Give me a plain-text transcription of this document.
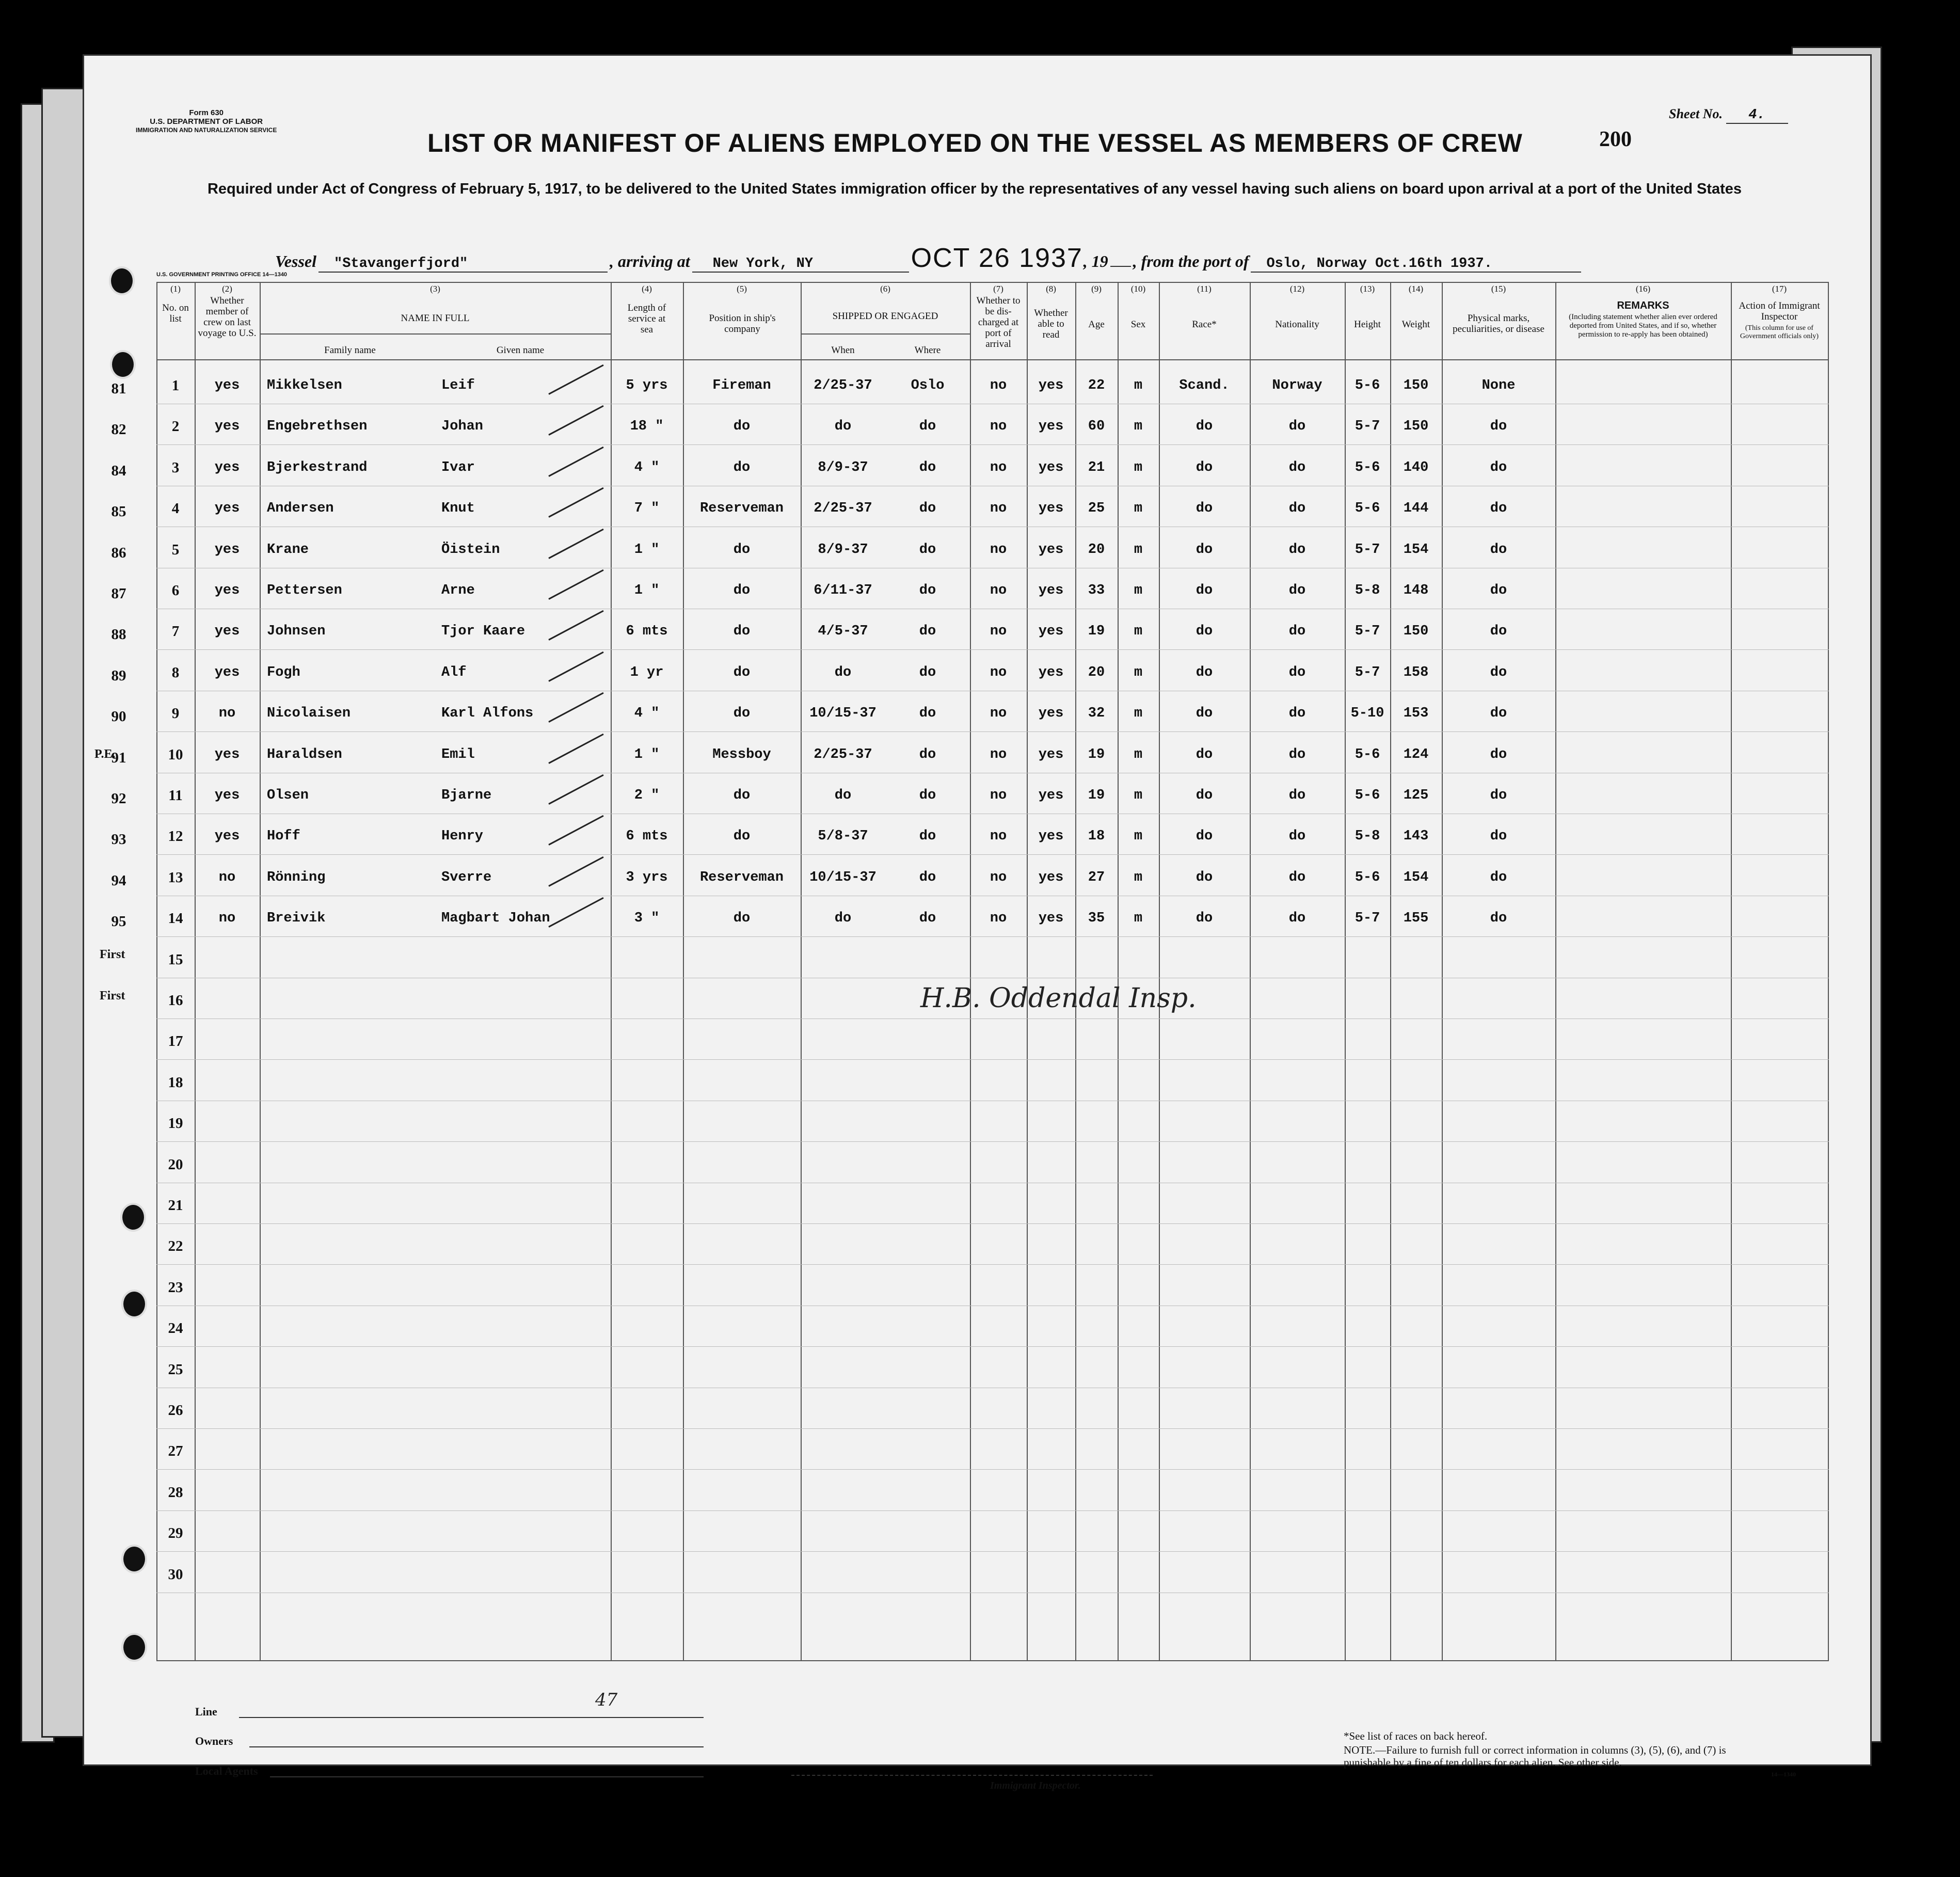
Form 630
U.S. DEPARTMENT OF LABOR
IMMIGRATION AND NATURALIZATION SERVICE
Sheet No. 4.
LIST OR MANIFEST OF ALIENS EMPLOYED ON THE VESSEL AS MEMBERS OF CREW	200
Required under Act of Congress of February 5, 1917, to be delivered to the United States immigration officer by the representatives of any vessel having such aliens on board upon arrival at a port of the United States
Vessel "Stavangerfjord"	, arriving at New York, NY	OCT 26 1937 , 19 , from the port of Oslo, Norway Oct.16th 1937.
U.S. GOVERNMENT PRINTING OFFICE 14—1340
(1)	(2)	(3)	(4)	(5)	(6)	(7)	(8)	(9)	(10)	(11)	(12)	(13)	(14)	(15)	(16)	(17)
No. on list
Whether member of crew on last voyage to U.S.
NAME IN FULL
Family name	Given name
Length of service at sea
Position in ship's company
SHIPPED OR ENGAGED
When	Where
Whether to be dis-charged at port of arrival
Whether able to read
Age	Sex	Race*	Nationality	Height	Weight
Physical marks, peculiarities, or disease
REMARKS
(Including statement whether alien ever ordered deported from United States, and if so, whether permission to re-apply has been obtained)
Action of Immigrant Inspector
(This column for use of Government officials only)
1	yes	Mikkelsen	Leif	5 yrs	Fireman	2/25-37	Oslo	no	yes	22	m	Scand.	Norway	5-6	150	None
81
2	yes	Engebrethsen	Johan	18 "	do	do	do	no	yes	60	m	do	do	5-7	150	do
82
3	yes	Bjerkestrand	Ivar	4 "	do	8/9-37	do	no	yes	21	m	do	do	5-6	140	do
84
4	yes	Andersen	Knut	7 "	Reserveman	2/25-37	do	no	yes	25	m	do	do	5-6	144	do
85
5	yes	Krane	Öistein	1 "	do	8/9-37	do	no	yes	20	m	do	do	5-7	154	do
86
6	yes	Pettersen	Arne	1 "	do	6/11-37	do	no	yes	33	m	do	do	5-8	148	do
87
7	yes	Johnsen	Tjor Kaare	6 mts	do	4/5-37	do	no	yes	19	m	do	do	5-7	150	do
88
8	yes	Fogh	Alf	1 yr	do	do	do	no	yes	20	m	do	do	5-7	158	do
89
9	no	Nicolaisen	Karl Alfons	4 "	do	10/15-37	do	no	yes	32	m	do	do	5-10	153	do
90
10	yes	Haraldsen	Emil	1 "	Messboy	2/25-37	do	no	yes	19	m	do	do	5-6	124	do
91
11	yes	Olsen	Bjarne	2 "	do	do	do	no	yes	19	m	do	do	5-6	125	do
92
12	yes	Hoff	Henry	6 mts	do	5/8-37	do	no	yes	18	m	do	do	5-8	143	do
93
13	no	Rönning	Sverre	3 yrs	Reserveman	10/15-37	do	no	yes	27	m	do	do	5-6	154	do
94
14	no	Breivik	Magbart Johan	3 "	do	do	do	no	yes	35	m	do	do	5-7	155	do
95
15
16
17
18
19
20
21
22
23
24
25
26
27
28
29
30
P.E.
First
First	H.B. Oddendal Insp.
Line
Owners
Local Agents
47
Immigrant Inspector.
*See list of races on back hereof.
NOTE.—Failure to furnish full or correct information in columns (3), (5), (6), and (7) is punishable by a fine of ten dollars for each alien. See other side.
14—1340
